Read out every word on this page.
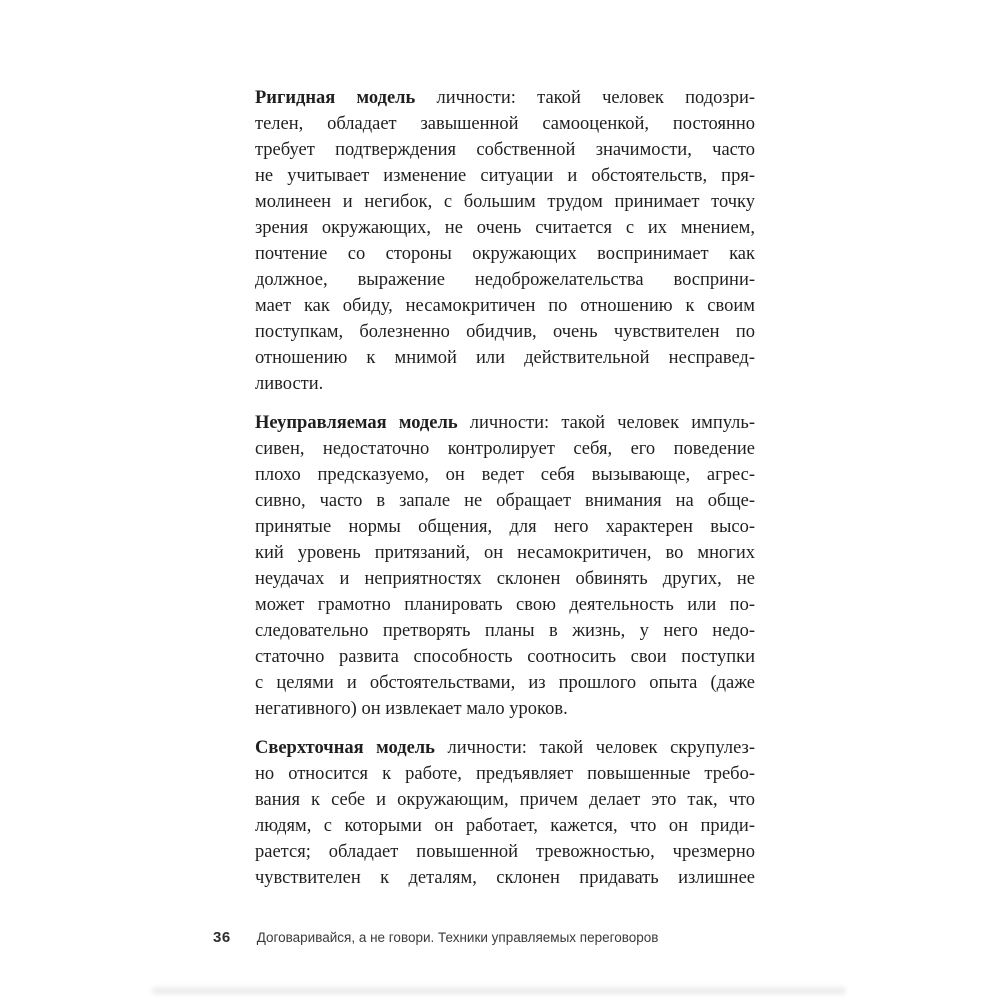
Ригидная модель личности: такой человек подозри-
телен, обладает завышенной самооценкой, постоянно
требует подтверждения собственной значимости, часто
не учитывает изменение ситуации и обстоятельств, пря-
молинеен и негибок, с большим трудом принимает точку
зрения окружающих, не очень считается с их мнением,
почтение со стороны окружающих воспринимает как
должное, выражение недоброжелательства восприни-
мает как обиду, несамокритичен по отношению к своим
поступкам, болезненно обидчив, очень чувствителен по
отношению к мнимой или действительной несправед-
ливости.
Неуправляемая модель личности: такой человек импуль-
сивен, недостаточно контролирует себя, его поведение
плохо предсказуемо, он ведет себя вызывающе, агрес-
сивно, часто в запале не обращает внимания на обще-
принятые нормы общения, для него характерен высо-
кий уровень притязаний, он несамокритичен, во многих
неудачах и неприятностях склонен обвинять других, не
может грамотно планировать свою деятельность или по-
следовательно претворять планы в жизнь, у него недо-
статочно развита способность соотносить свои поступки
с целями и обстоятельствами, из прошлого опыта (даже
негативного) он извлекает мало уроков.
Сверхточная модель личности: такой человек скрупулез-
но относится к работе, предъявляет повышенные требо-
вания к себе и окружающим, причем делает это так, что
людям, с которыми он работает, кажется, что он приди-
рается; обладает повышенной тревожностью, чрезмерно
чувствителен к деталям, склонен придавать излишнее
36 Договаривайся, а не говори. Техники управляемых переговоров
